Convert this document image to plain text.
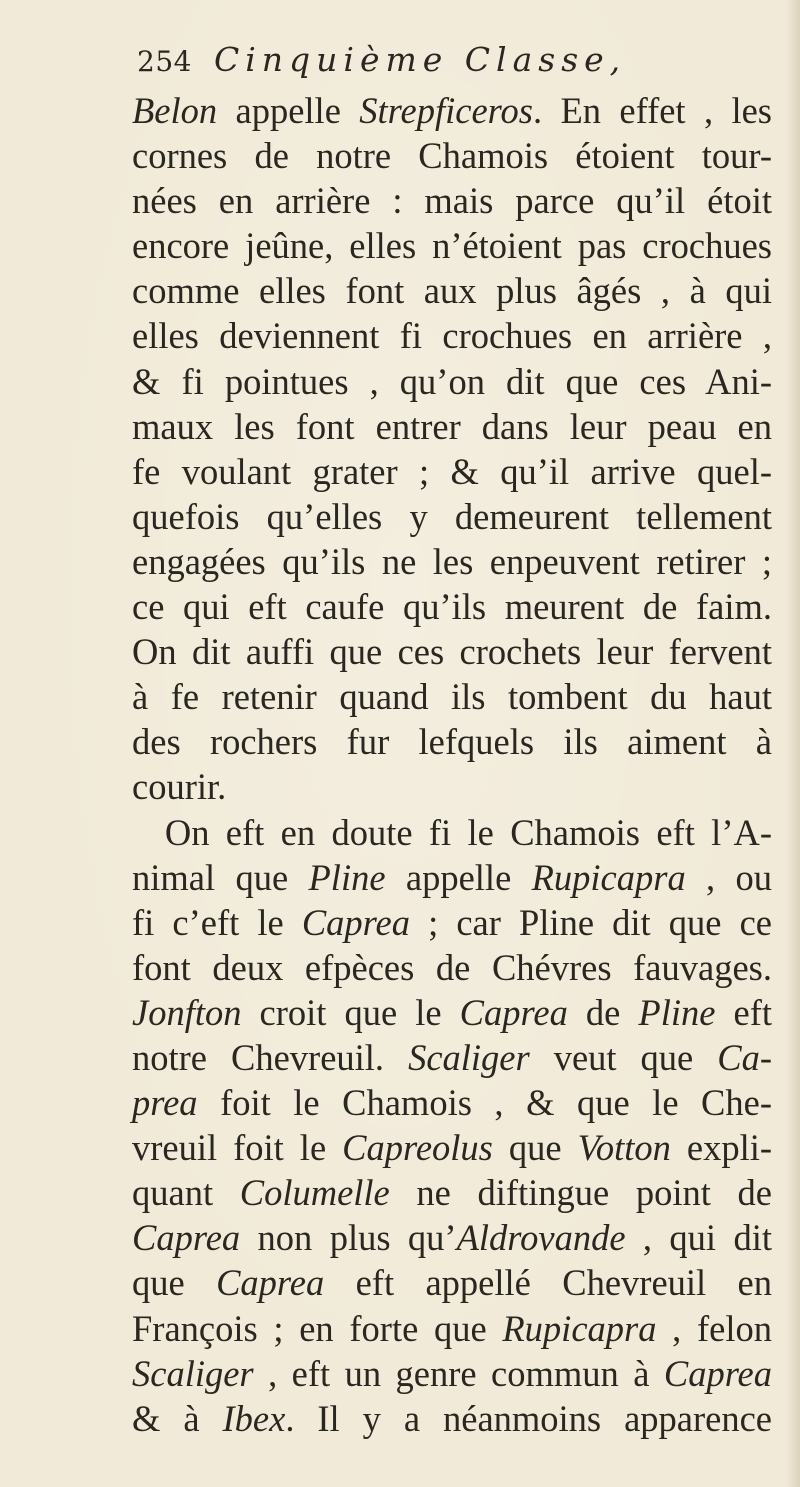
254 Cinquième Classe,
Belon appelle Strepficeros. En effet , les
cornes de notre Chamois étoient tour-
nées en arrière : mais parce qu’il étoit
encore jeûne, elles n’étoient pas crochues
comme elles font aux plus âgés , à qui
elles deviennent fi crochues en arrière ,
& fi pointues , qu’on dit que ces Ani-
maux les font entrer dans leur peau en
fe voulant grater ; & qu’il arrive quel-
quefois qu’elles y demeurent tellement
engagées qu’ils ne les enpeuvent retirer ;
ce qui eft caufe qu’ils meurent de faim.
On dit auffi que ces crochets leur fervent
à fe retenir quand ils tombent du haut
des rochers fur lefquels ils aiment à
courir.
On eft en doute fi le Chamois eft l’A-
nimal que Pline appelle Rupicapra , ou
fi c’eft le Caprea ; car Pline dit que ce
font deux efpèces de Chévres fauvages.
Jonfton croit que le Caprea de Pline eft
notre Chevreuil. Scaliger veut que Ca-
prea foit le Chamois , & que le Che-
vreuil foit le Capreolus que Votton expli-
quant Columelle ne diftingue point de
Caprea non plus qu’Aldrovande , qui dit
que Caprea eft appellé Chevreuil en
François ; en forte que Rupicapra , felon
Scaliger , eft un genre commun à Caprea
& à Ibex. Il y a néanmoins apparence
